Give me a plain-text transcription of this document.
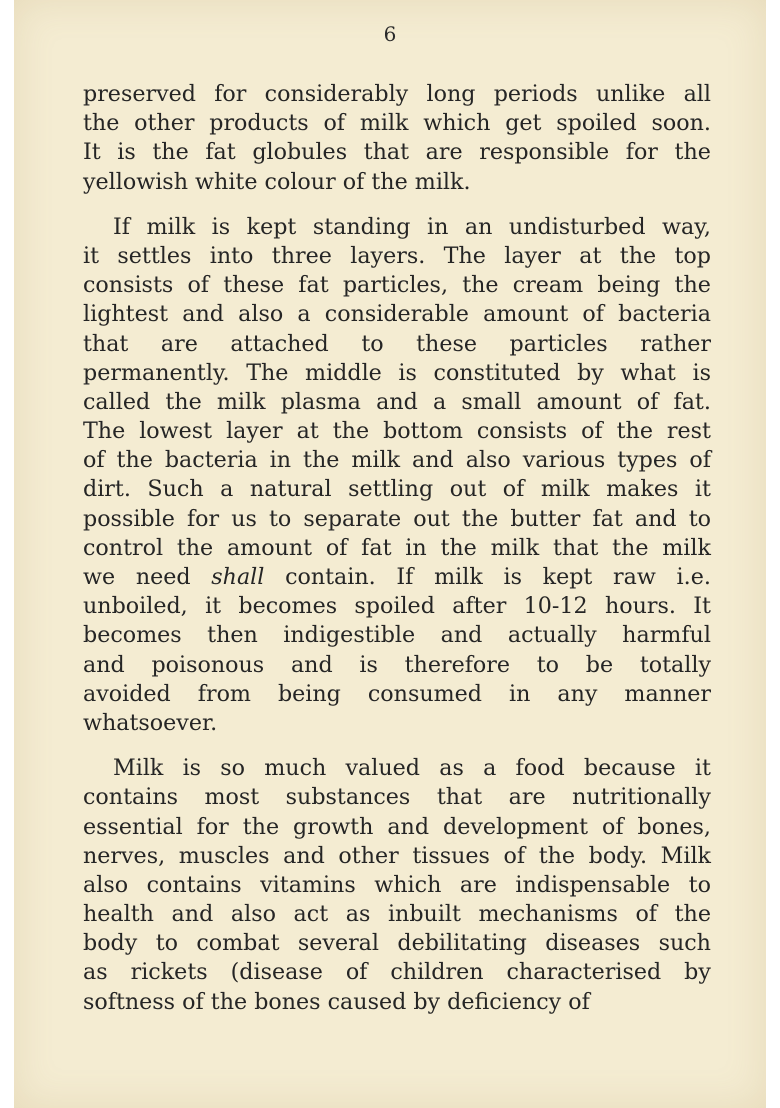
6
preserved for considerably long periods unlike all
the other products of milk which get spoiled soon.
It is the fat globules that are responsible for the
yellowish
white
colour
of
the
milk.
If milk is kept standing in an undisturbed way,
it settles into three layers. The layer at the top
consists of these fat particles, the cream being the
lightest and also a considerable amount of bacteria
that are attached to these particles rather
permanently. The middle is constituted by what is
called the milk plasma and a small amount of fat.
The lowest layer at the bottom consists of the rest
of the bacteria in the milk and also various types of
dirt. Such a natural settling out of milk makes it
possible for us to separate out the butter fat and to
control the amount of fat in the milk that the milk
we need shall contain. If milk is kept raw i.e.
unboiled, it becomes spoiled after 10-12 hours. It
becomes then indigestible and actually harmful
and poisonous and is therefore to be totally
avoided from being consumed in any manner
whatsoever.
Milk is so much valued as a food because it
contains most substances that are nutritionally
essential for the growth and development of bones,
nerves, muscles and other tissues of the body. Milk
also contains vitamins which are indispensable to
health and also act as inbuilt mechanisms of the
body to combat several debilitating diseases such
as rickets (disease of children characterised by
softness
of
the
bones
caused
by
deficiency
of
